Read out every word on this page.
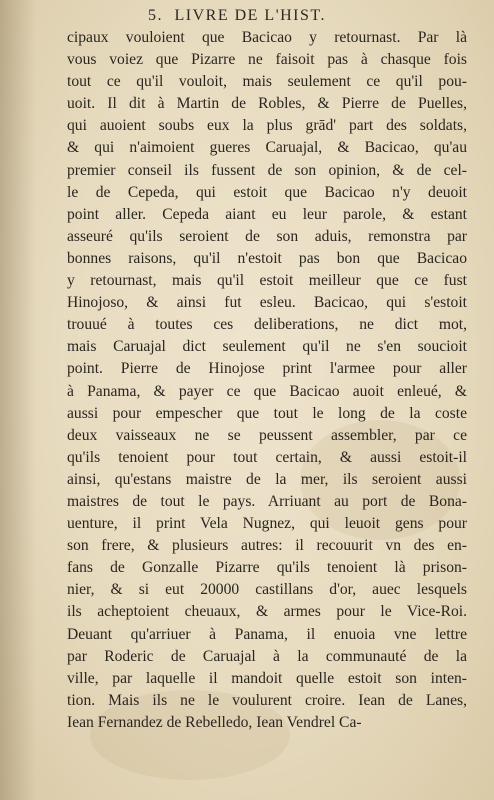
5. LIVRE DE L'HIST.
cipaux vouloient que Bacicao y retournast. Par là
vous voiez que Pizarre ne faisoit pas à chasque fois
tout ce qu'il vouloit, mais seulement ce qu'il pou-
uoit. Il dit à Martin de Robles, & Pierre de Puelles,
qui auoient soubs eux la plus grād' part des soldats,
& qui n'aimoient gueres Caruajal, & Bacicao, qu'au
premier conseil ils fussent de son opinion, & de cel-
le de Cepeda, qui estoit que Bacicao n'y deuoit
point aller. Cepeda aiant eu leur parole, & estant
asseuré qu'ils seroient de son aduis, remonstra par
bonnes raisons, qu'il n'estoit pas bon que Bacicao
y retournast, mais qu'il estoit meilleur que ce fust
Hinojoso, & ainsi fut esleu. Bacicao, qui s'estoit
trouué à toutes ces deliberations, ne dict mot,
mais Caruajal dict seulement qu'il ne s'en soucioit
point. Pierre de Hinojose print l'armee pour aller
à Panama, & payer ce que Bacicao auoit enleué, &
aussi pour empescher que tout le long de la coste
deux vaisseaux ne se peussent assembler, par ce
qu'ils tenoient pour tout certain, & aussi estoit-il
ainsi, qu'estans maistre de la mer, ils seroient aussi
maistres de tout le pays. Arriuant au port de Bona-
uenture, il print Vela Nugnez, qui leuoit gens pour
son frere, & plusieurs autres: il recouurit vn des en-
fans de Gonzalle Pizarre qu'ils tenoient là prison-
nier, & si eut 20000 castillans d'or, auec lesquels
ils acheptoient cheuaux, & armes pour le Vice-Roi.
Deuant qu'arriuer à Panama, il enuoia vne lettre
par Roderic de Caruajal à la communauté de la
ville, par laquelle il mandoit quelle estoit son inten-
tion. Mais ils ne le voulurent croire. Iean de Lanes,
Iean Fernandez de Rebelledo, Iean Vendrel Ca-
